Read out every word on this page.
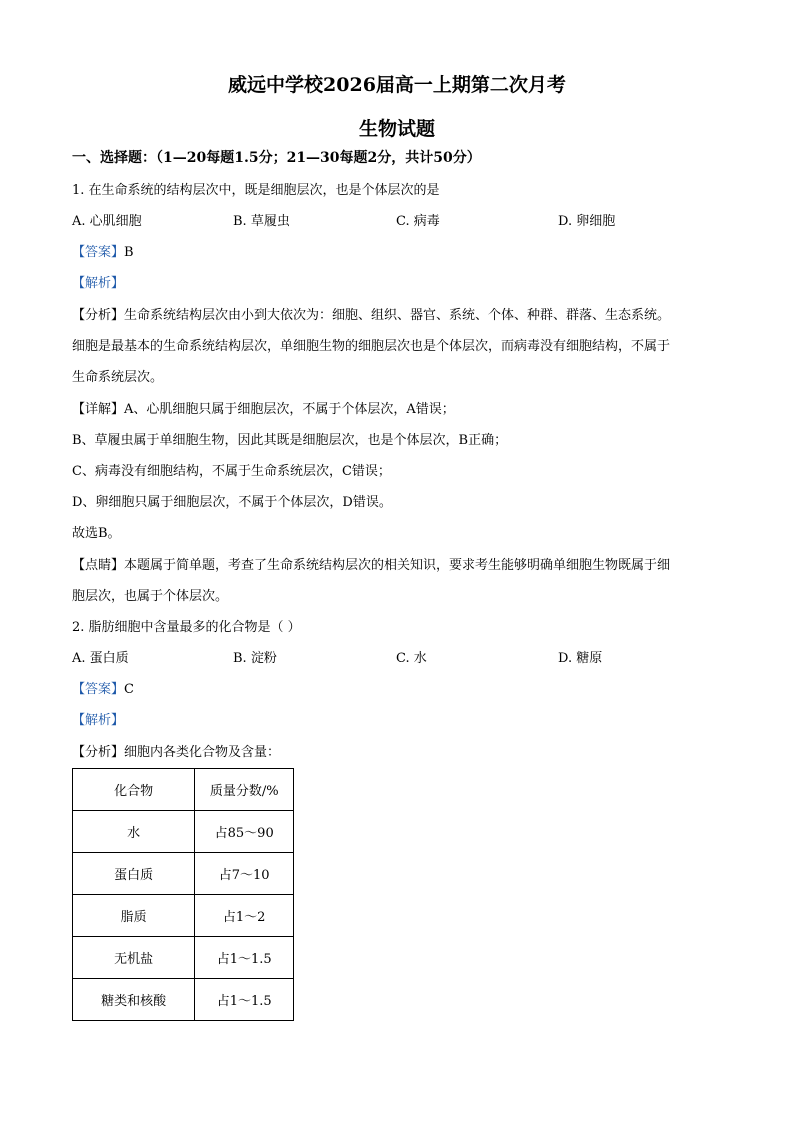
威远中学校2026届高一上期第二次月考
生物试题
一、选择题：（1—20每题1.5分；21—30每题2分，共计50分）
1. 在生命系统的结构层次中，既是细胞层次，也是个体层次的是
A. 心肌细胞	B. 草履虫	C. 病毒	D. 卵细胞
【答案】B
【解析】
【分析】生命系统结构层次由小到大依次为：细胞、组织、器官、系统、个体、种群、群落、生态系统。
细胞是最基本的生命系统结构层次，单细胞生物的细胞层次也是个体层次，而病毒没有细胞结构，不属于
生命系统层次。
【详解】A、心肌细胞只属于细胞层次，不属于个体层次，A错误；
B、草履虫属于单细胞生物，因此其既是细胞层次，也是个体层次，B正确；
C、病毒没有细胞结构，不属于生命系统层次，C错误；
D、卵细胞只属于细胞层次，不属于个体层次，D错误。
故选B。
【点睛】本题属于简单题，考查了生命系统结构层次的相关知识，要求考生能够明确单细胞生物既属于细
胞层次，也属于个体层次。
2. 脂肪细胞中含量最多的化合物是（ ）
A. 蛋白质	B. 淀粉	C. 水	D. 糖原
【答案】C
【解析】
【分析】细胞内各类化合物及含量：
化合物	质量分数/%
水	占85～90
蛋白质	占7～10
脂质	占1～2
无机盐	占1～1.5
糖类和核酸	占1～1.5
